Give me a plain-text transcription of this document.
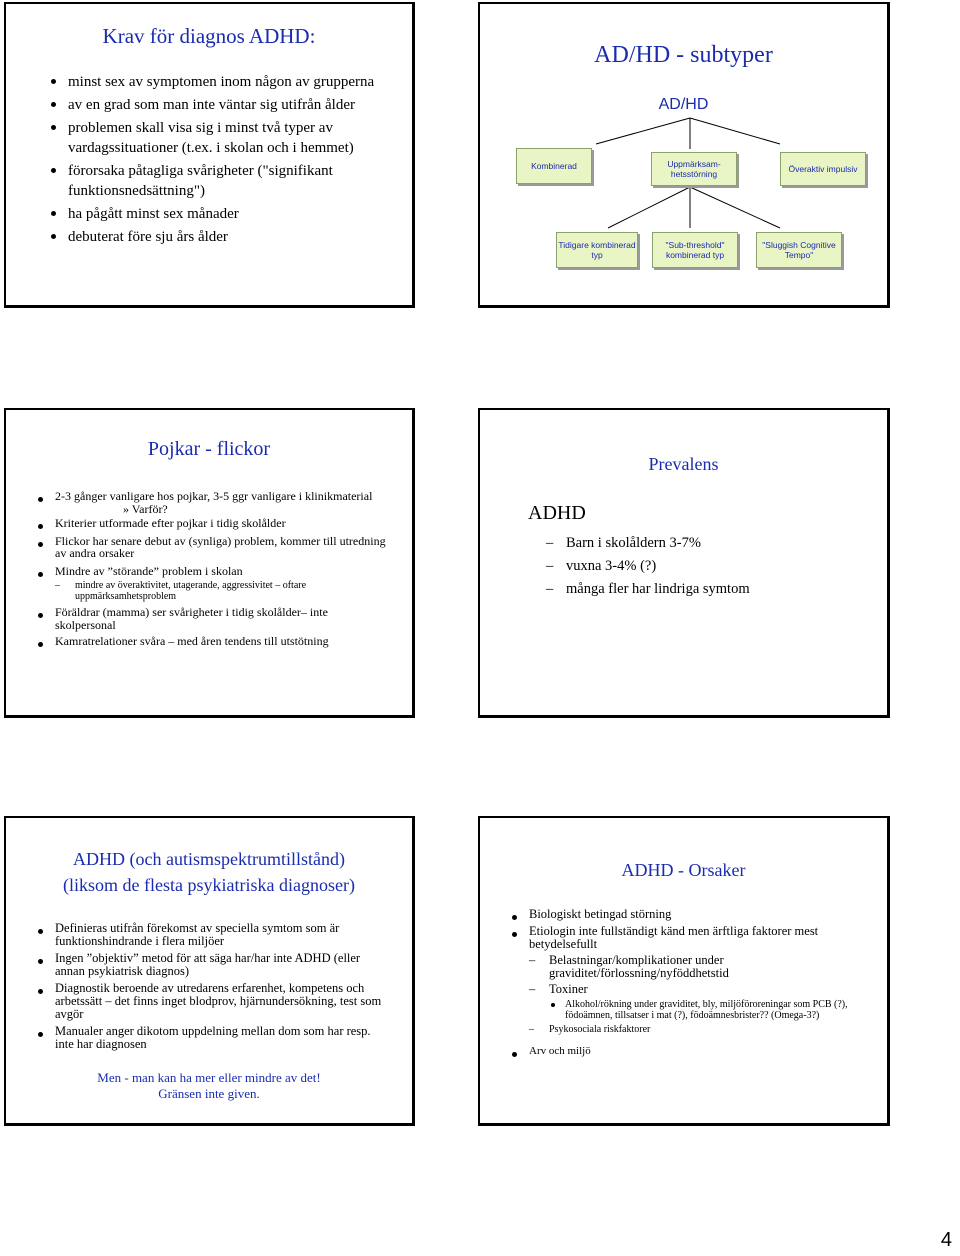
Krav för diagnos ADHD:
minst sex av symptomen inom någon av grupperna
av en grad som man inte väntar sig utifrån ålder
problemen skall visa sig i minst två typer av vardagssituationer (t.ex. i skolan och i hemmet)
förorsaka påtagliga svårigheter ("signifikant funktionsnedsättning")
ha pågått minst sex månader
debuterat före sju års ålder
AD/HD - subtyper
AD/HD
Kombinerad	Uppmärksam-hetsstörning	Överaktiv impulsiv
Tidigare kombinerad typ
"Sub-threshold" kombinerad typ
"Sluggish Cognitive Tempo"
Pojkar - flickor
2-3 gånger vanligare hos pojkar, 3-5 ggr vanligare i klinikmaterial
» Varför?
Kriterier utformade efter pojkar i tidig skolålder
Flickor har senare debut av (synliga) problem, kommer till utredning av andra orsaker
Mindre av ”störande” problem i skolan
– mindre av överaktivitet, utagerande, aggressivitet – oftare uppmärksamhetsproblem
Föräldrar (mamma) ser svårigheter i tidig skolålder– inte skolpersonal
Kamratrelationer svåra – med åren tendens till utstötning
Prevalens
ADHD
– Barn i skolåldern 3-7%
– vuxna 3-4% (?)
– många fler har lindriga symtom
ADHD (och autismspektrumtillstånd)
(liksom de flesta psykiatriska diagnoser)
Definieras utifrån förekomst av speciella symtom som är funktionshindrande i flera miljöer
Ingen ”objektiv” metod för att säga har/har inte ADHD (eller annan psykiatrisk diagnos)
Diagnostik beroende av utredarens erfarenhet, kompetens och arbetssätt – det finns inget blodprov, hjärnundersökning, test som avgör
Manualer anger dikotom uppdelning mellan dom som har resp. inte har diagnosen
Men - man kan ha mer eller mindre av det!
Gränsen inte given.
ADHD - Orsaker
Biologiskt betingad störning
Etiologin inte fullständigt känd men ärftliga faktorer mest betydelsefullt
– Belastningar/komplikationer under graviditet/förlossning/nyföddhetstid
– Toxiner
Alkohol/rökning under graviditet, bly, miljöföroreningar som PCB (?), födoämnen, tillsatser i mat (?), födoämnesbrister?? (Omega-3?)
– Psykosociala riskfaktorer
Arv och miljö
4
